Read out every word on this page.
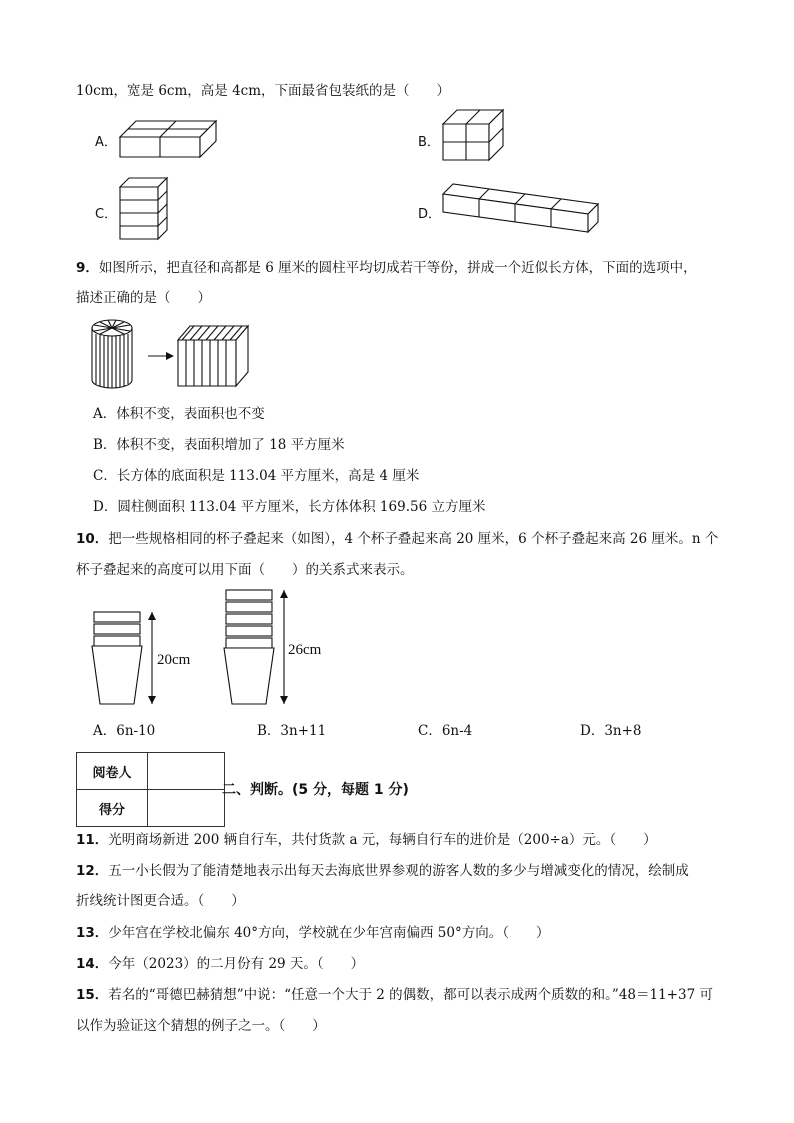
10cm，宽是 6cm，高是 4cm，下面最省包装纸的是（　　）
A．	B．
C．	D．
9．如图所示，把直径和高都是 6 厘米的圆柱平均切成若干等份，拼成一个近似长方体，下面的选项中，
描述正确的是（　　）
A．体积不变，表面积也不变
B．体积不变，表面积增加了 18 平方厘米
C．长方体的底面积是 113.04 平方厘米，高是 4 厘米
D．圆柱侧面积 113.04 平方厘米，长方体体积 169.56 立方厘米
10．把一些规格相同的杯子叠起来（如图），4 个杯子叠起来高 20 厘米，6 个杯子叠起来高 26 厘米。n 个
杯子叠起来的高度可以用下面（　　）的关系式来表示。
20cm
26cm
A．6n-10	B．3n+11	C．6n-4	D．3n+8
阅卷人	
得分	
二、判断。(5 分，每题 1 分)
11．光明商场新进 200 辆自行车，共付货款 a 元，每辆自行车的进价是（200÷a）元。（　　）
12．五一小长假为了能清楚地表示出每天去海底世界参观的游客人数的多少与增减变化的情况，绘制成
折线统计图更合适。（　　）
13．少年宫在学校北偏东 40°方向，学校就在少年宫南偏西 50°方向。（　　）
14．今年（2023）的二月份有 29 天。（　　）
15．若名的“哥德巴赫猜想”中说：“任意一个大于 2 的偶数，都可以表示成两个质数的和。”48＝11+37 可
以作为验证这个猜想的例子之一。（　　）
